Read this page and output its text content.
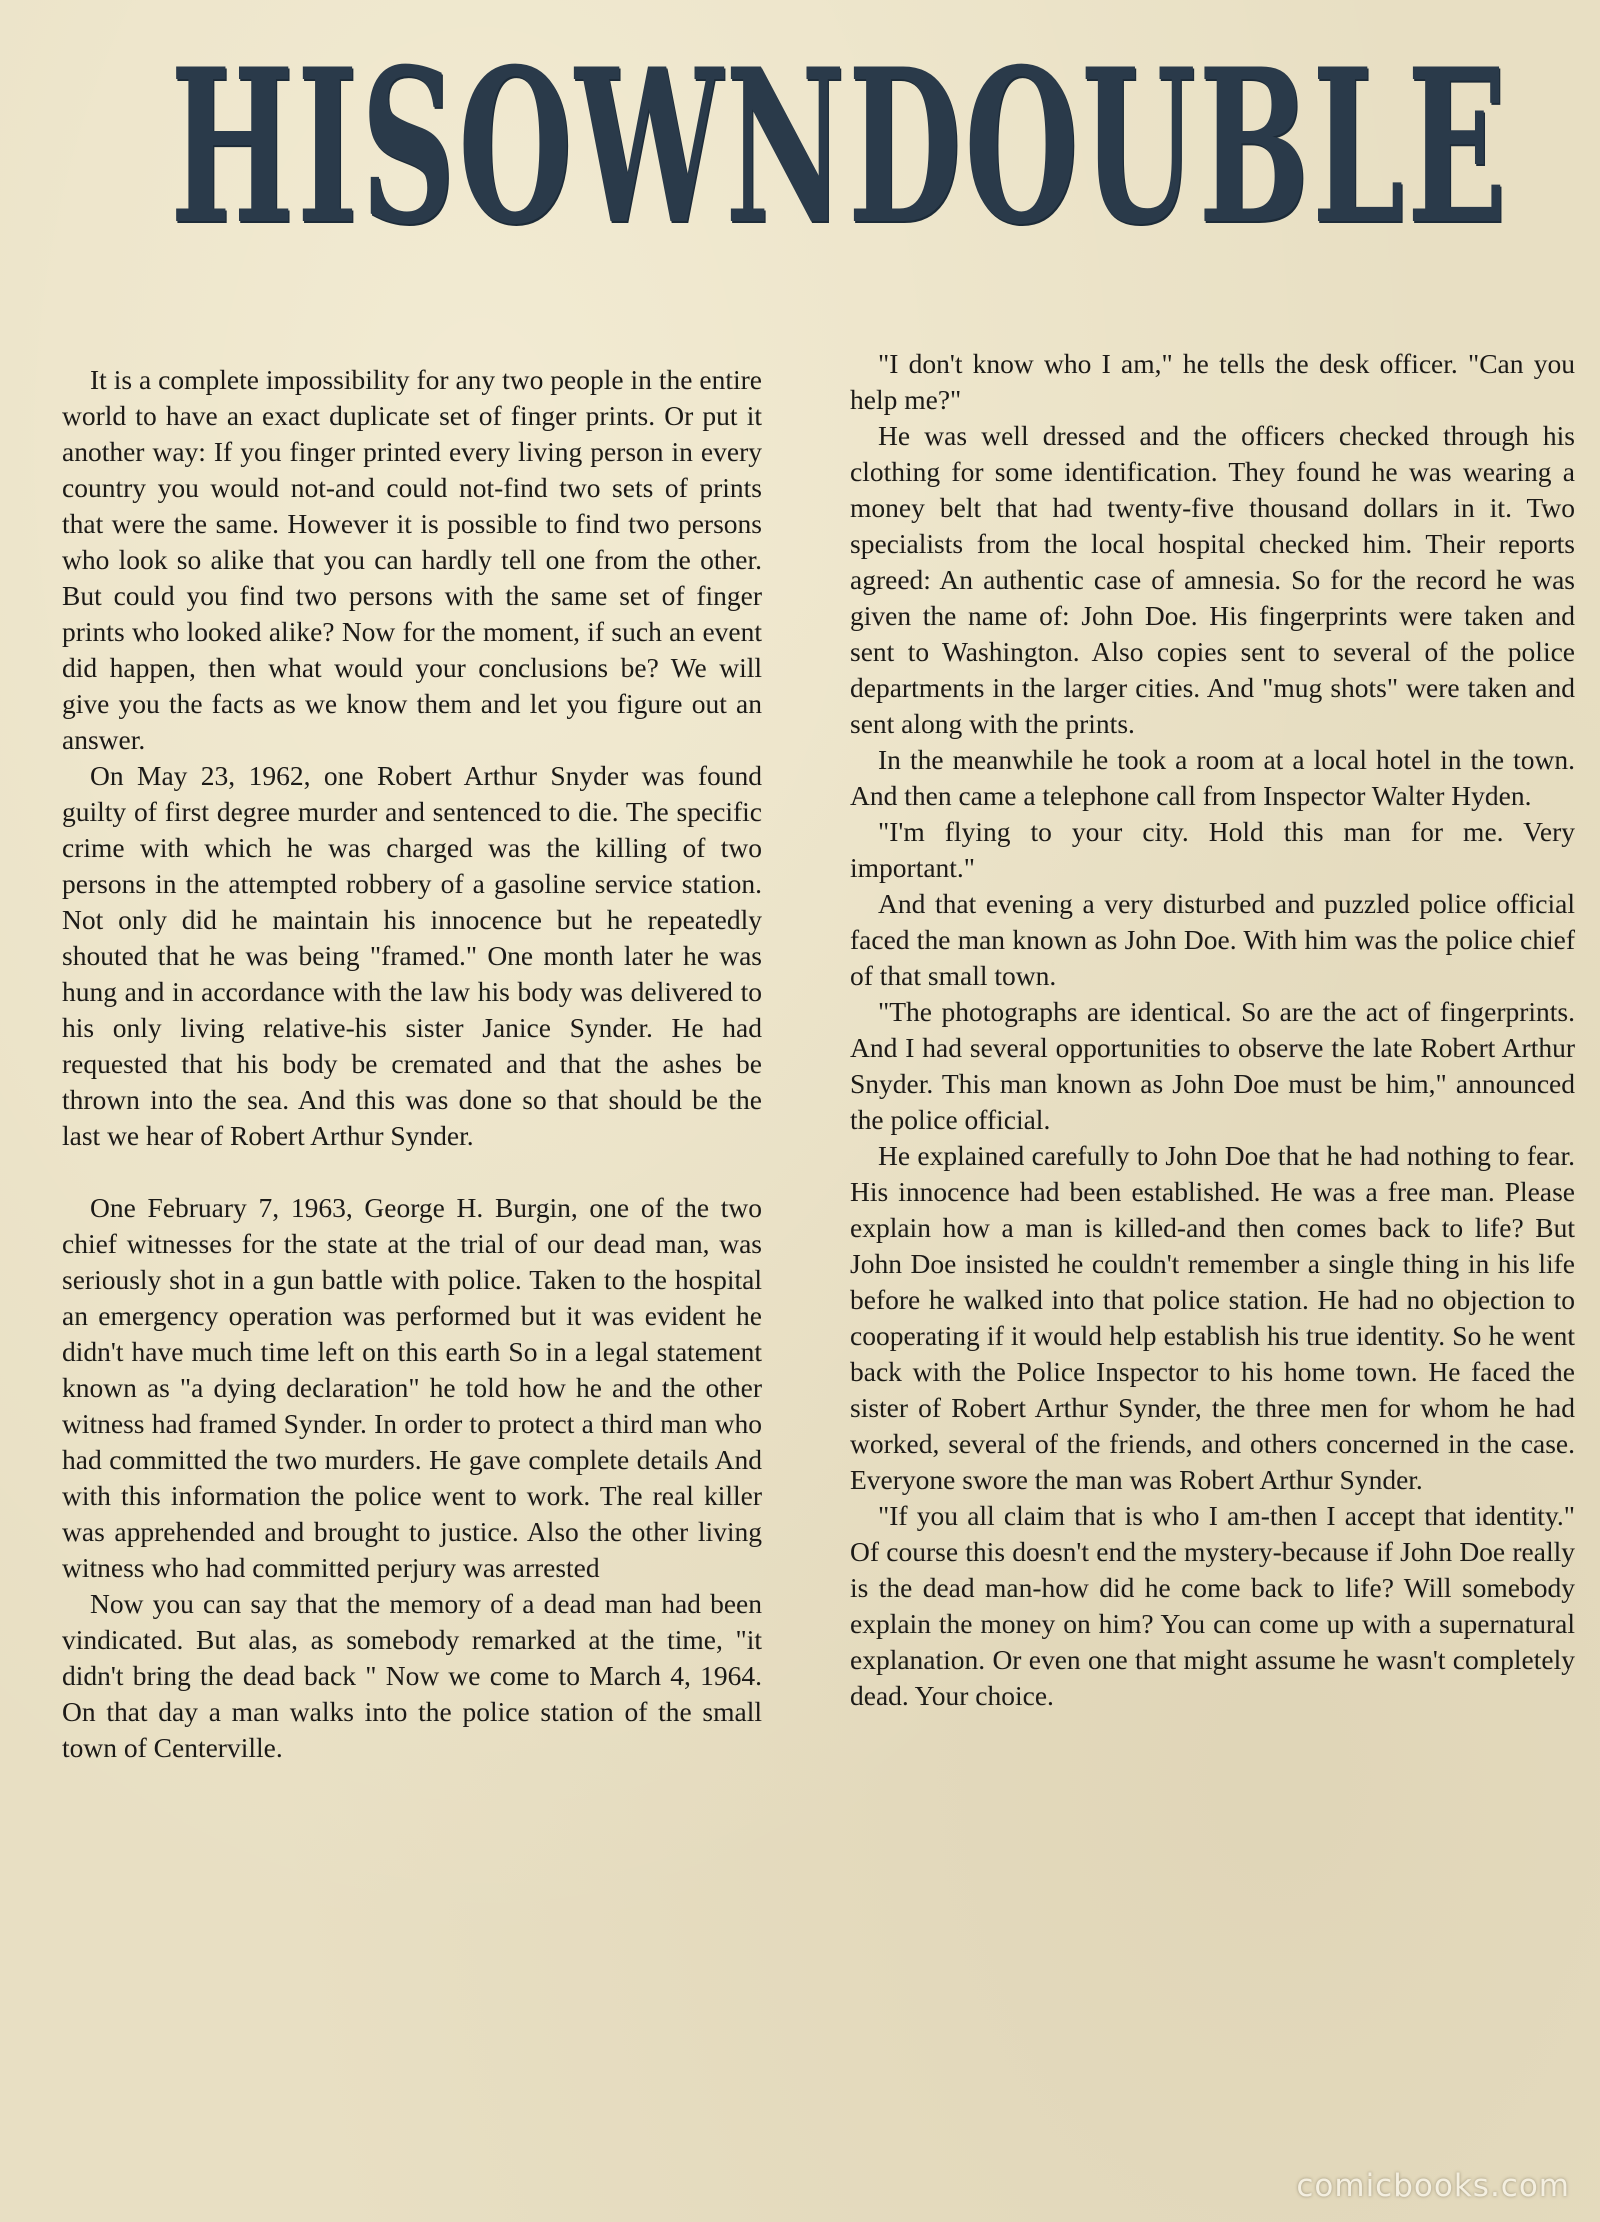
HIS OWN DOUBLE

It is a complete impossibility for any two people in the entire world to have an exact duplicate set of finger prints. Or put it another way: If you finger printed every living person in every country you would not-and could not-find two sets of prints that were the same. However it is possible to find two persons who look so alike that you can hardly tell one from the other. But could you find two persons with the same set of finger prints who looked alike? Now for the moment, if such an event did happen, then what would your conclusions be? We will give you the facts as we know them and let you figure out an answer.

On May 23, 1962, one Robert Arthur Snyder was found guilty of first degree murder and sentenced to die. The specific crime with which he was charged was the killing of two persons in the attempted robbery of a gasoline service station. Not only did he maintain his innocence but he repeatedly shouted that he was being "framed." One month later he was hung and in accordance with the law his body was delivered to his only living relative-his sister Janice Synder. He had requested that his body be cremated and that the ashes be thrown into the sea. And this was done so that should be the last we hear of Robert Arthur Synder.

One February 7, 1963, George H. Burgin, one of the two chief witnesses for the state at the trial of our dead man, was seriously shot in a gun battle with police. Taken to the hospital an emergency operation was performed but it was evident he didn't have much time left on this earth So in a legal statement known as "a dying declaration" he told how he and the other witness had framed Synder. In order to protect a third man who had committed the two murders. He gave complete details And with this information the police went to work. The real killer was apprehended and brought to justice. Also the other living witness who had committed perjury was arrested

Now you can say that the memory of a dead man had been vindicated. But alas, as somebody remarked at the time, "it didn't bring the dead back " Now we come to March 4, 1964. On that day a man walks into the police station of the small town of Centerville.

"I don't know who I am," he tells the desk officer. "Can you help me?"

He was well dressed and the officers checked through his clothing for some identification. They found he was wearing a money belt that had twenty-five thousand dollars in it. Two specialists from the local hospital checked him. Their reports agreed: An authentic case of amnesia. So for the record he was given the name of: John Doe. His fingerprints were taken and sent to Washington. Also copies sent to several of the police departments in the larger cities. And "mug shots" were taken and sent along with the prints.

In the meanwhile he took a room at a local hotel in the town. And then came a telephone call from Inspector Walter Hyden.

"I'm flying to your city. Hold this man for me. Very important."

And that evening a very disturbed and puzzled police official faced the man known as John Doe. With him was the police chief of that small town.

"The photographs are identical. So are the act of fingerprints. And I had several opportunities to observe the late Robert Arthur Snyder. This man known as John Doe must be him," announced the police official.

He explained carefully to John Doe that he had nothing to fear. His innocence had been established. He was a free man. Please explain how a man is killed-and then comes back to life? But John Doe insisted he couldn't remember a single thing in his life before he walked into that police station. He had no objection to cooperating if it would help establish his true identity. So he went back with the Police Inspector to his home town. He faced the sister of Robert Arthur Synder, the three men for whom he had worked, several of the friends, and others concerned in the case. Everyone swore the man was Robert Arthur Synder.

"If you all claim that is who I am-then I accept that identity." Of course this doesn't end the mystery-because if John Doe really is the dead man-how did he come back to life? Will somebody explain the money on him? You can come up with a supernatural explanation. Or even one that might assume he wasn't completely dead. Your choice.

comicbooks.com
